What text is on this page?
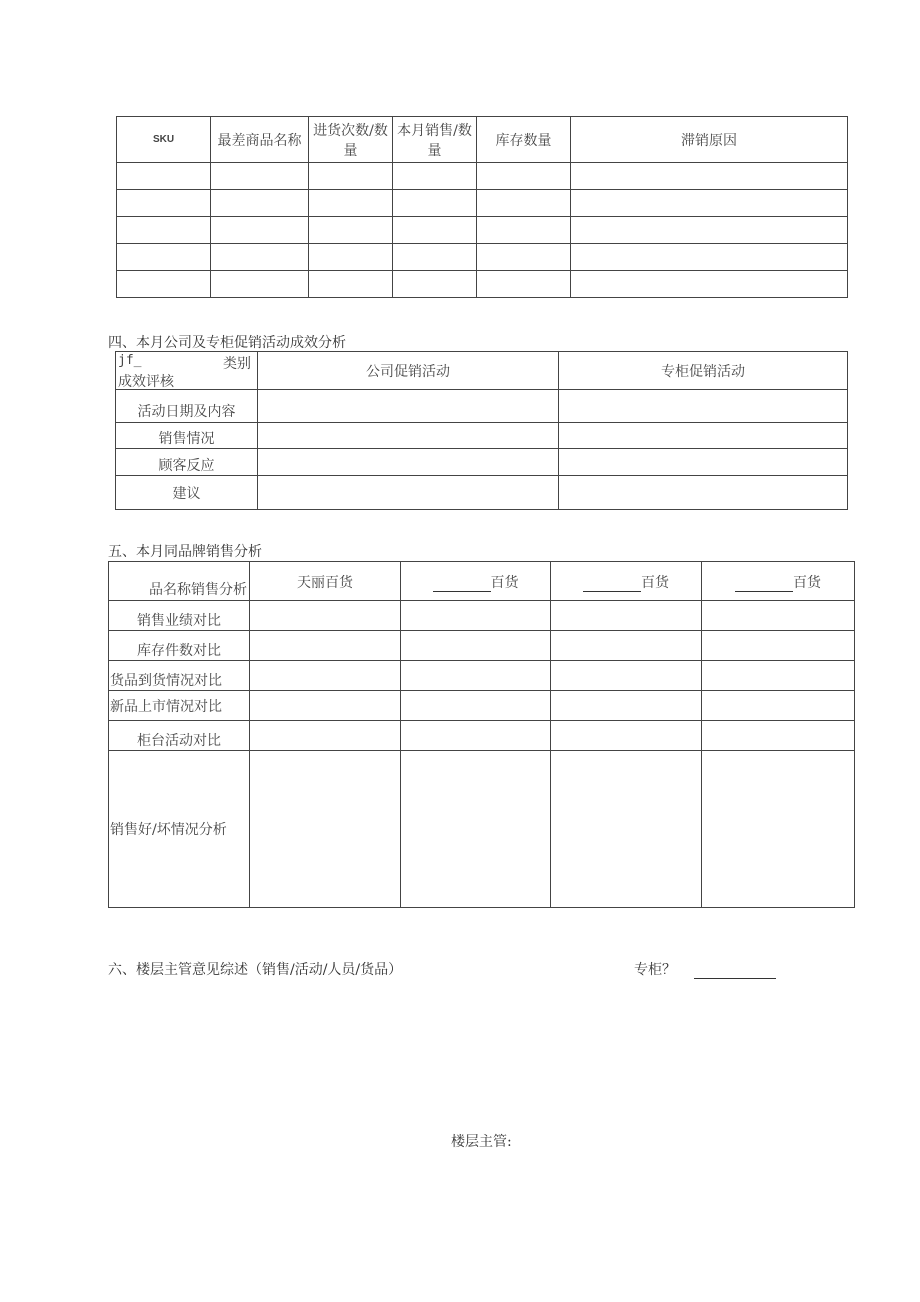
SKU	最差商品名称	进货次数/数量	本月销售/数量	库存数量	滞销原因

四、本月公司及专柜促销活动成效分析
jf_ 类别
成效评核	公司促销活动	专柜促销活动
活动日期及内容		
销售情况		
顾客反应		
建议		
五、本月同品牌销售分析
品名称销售分析	天丽百货	百货	百货	百货
销售业绩对比				
库存件数对比				
货品到货情况对比				
新品上市情况对比				
柜台活动对比				
销售好/坏情况分析				
六、楼层主管意见综述（销售/活动/人员/货品）	专柜？
楼层主管:
